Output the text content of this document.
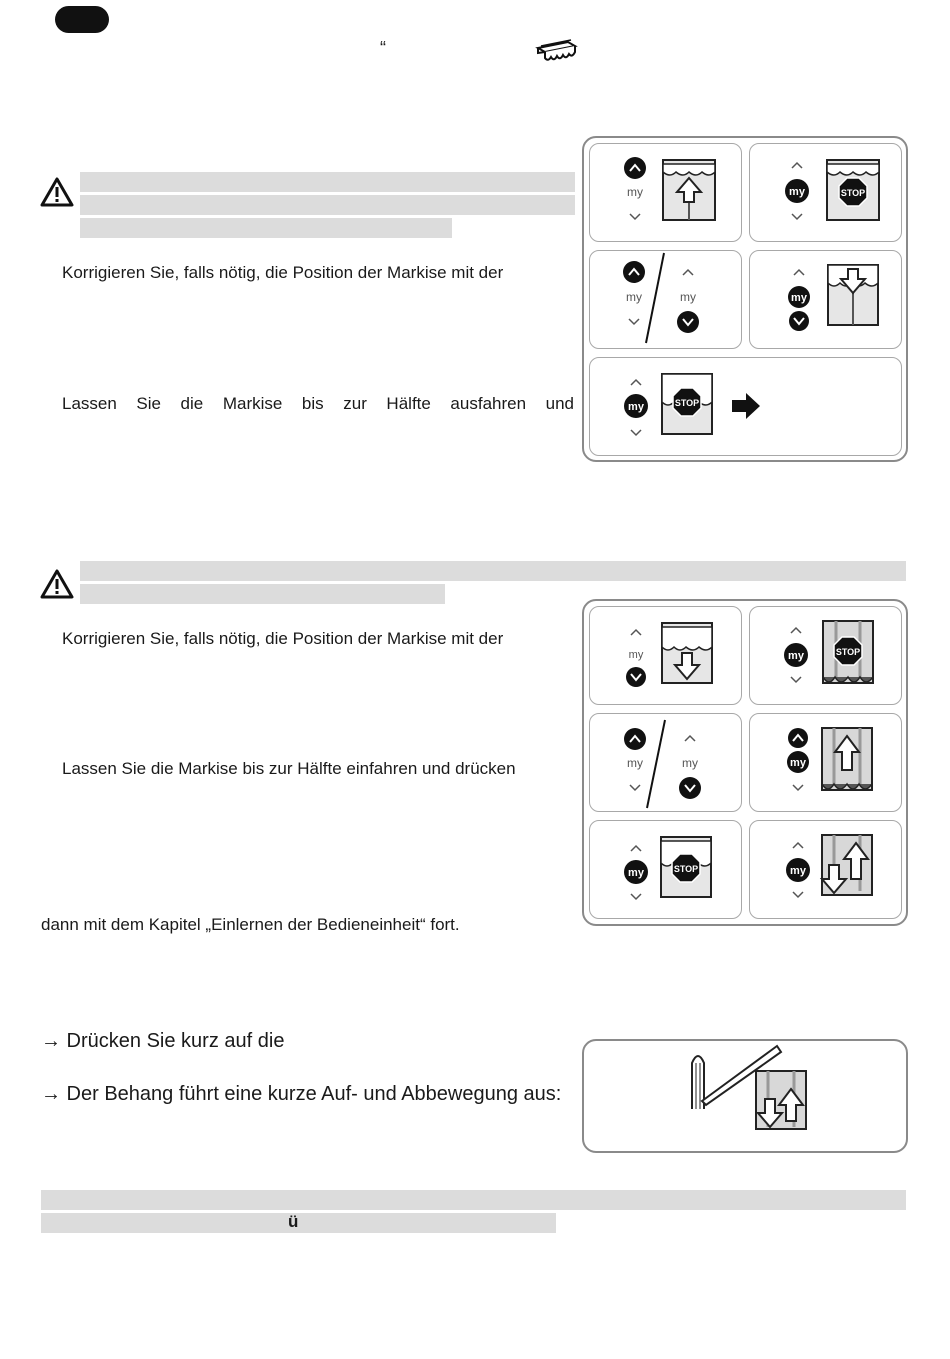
“
Korrigieren Sie, falls nötig, die Position der Markise mit der
Lassen Sie die Markise bis zur Hälfte ausfahren und
my	my	STOP
my	my	my
my	STOP
Korrigieren Sie, falls nötig, die Position der Markise mit der
Lassen Sie die Markise bis zur Hälfte einfahren und drücken
dann mit dem Kapitel „Einlernen der Bedieneinheit“ fort.
my	my	STOP
my	my	my
my	STOP	my
→ Drücken Sie kurz auf die
→ Der Behang führt eine kurze Auf- und Abbewegung aus:
ü
